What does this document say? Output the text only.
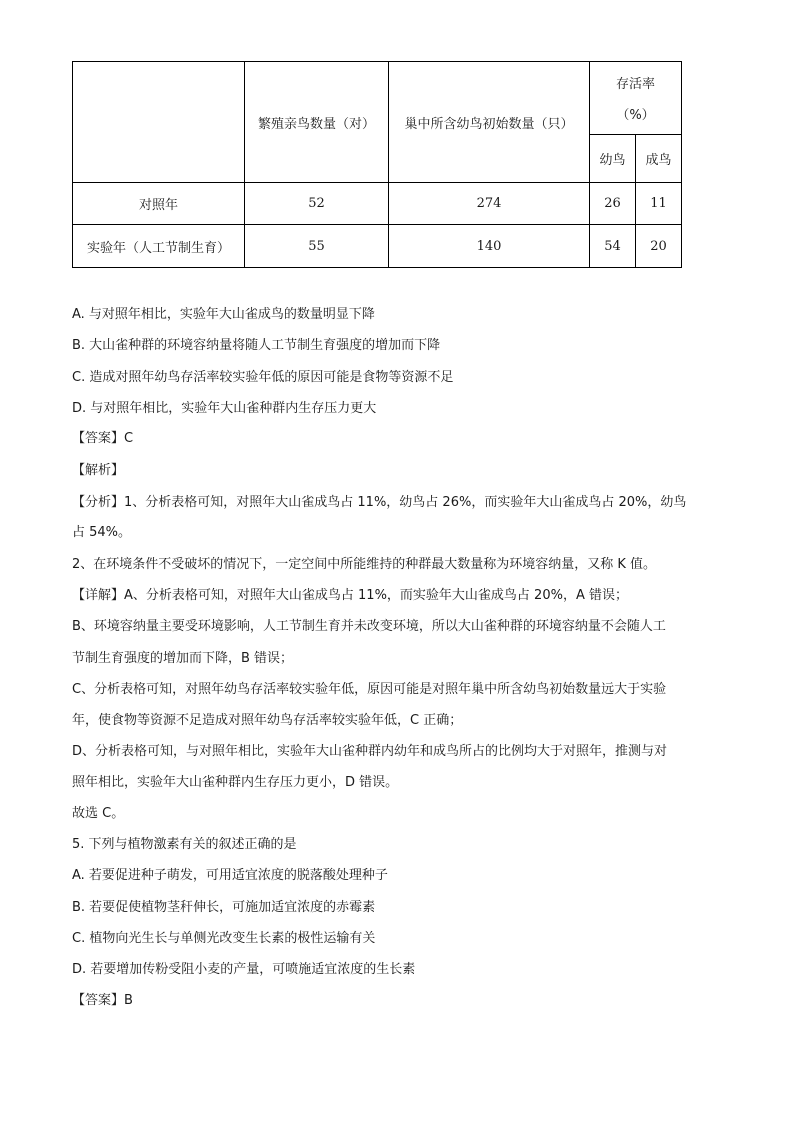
	繁殖亲鸟数量（对）	巢中所含幼鸟初始数量（只）	存活率
（%）	

			幼鸟	成鸟
对照年	52	274	26	11
实验年（人工节制生育）	55	140	54	20
A. 与对照年相比，实验年大山雀成鸟的数量明显下降
B. 大山雀种群的环境容纳量将随人工节制生育强度的增加而下降
C. 造成对照年幼鸟存活率较实验年低的原因可能是食物等资源不足
D. 与对照年相比，实验年大山雀种群内生存压力更大
【答案】C
【解析】
【分析】1、分析表格可知，对照年大山雀成鸟占 11%，幼鸟占 26%，而实验年大山雀成鸟占 20%，幼鸟
占 54%。
2、在环境条件不受破坏的情况下，一定空间中所能维持的种群最大数量称为环境容纳量，又称 K 值。
【详解】A、分析表格可知，对照年大山雀成鸟占 11%，而实验年大山雀成鸟占 20%，A 错误；
B、环境容纳量主要受环境影响，人工节制生育并未改变环境，所以大山雀种群的环境容纳量不会随人工
节制生育强度的增加而下降，B 错误；
C、分析表格可知，对照年幼鸟存活率较实验年低，原因可能是对照年巢中所含幼鸟初始数量远大于实验
年，使食物等资源不足造成对照年幼鸟存活率较实验年低，C 正确；
D、分析表格可知，与对照年相比，实验年大山雀种群内幼年和成鸟所占的比例均大于对照年，推测与对
照年相比，实验年大山雀种群内生存压力更小，D 错误。
故选 C。
5. 下列与植物激素有关的叙述正确的是
A. 若要促进种子萌发，可用适宜浓度的脱落酸处理种子
B. 若要促使植物茎秆伸长，可施加适宜浓度的赤霉素
C. 植物向光生长与单侧光改变生长素的极性运输有关
D. 若要增加传粉受阻小麦的产量，可喷施适宜浓度的生长素
【答案】B
